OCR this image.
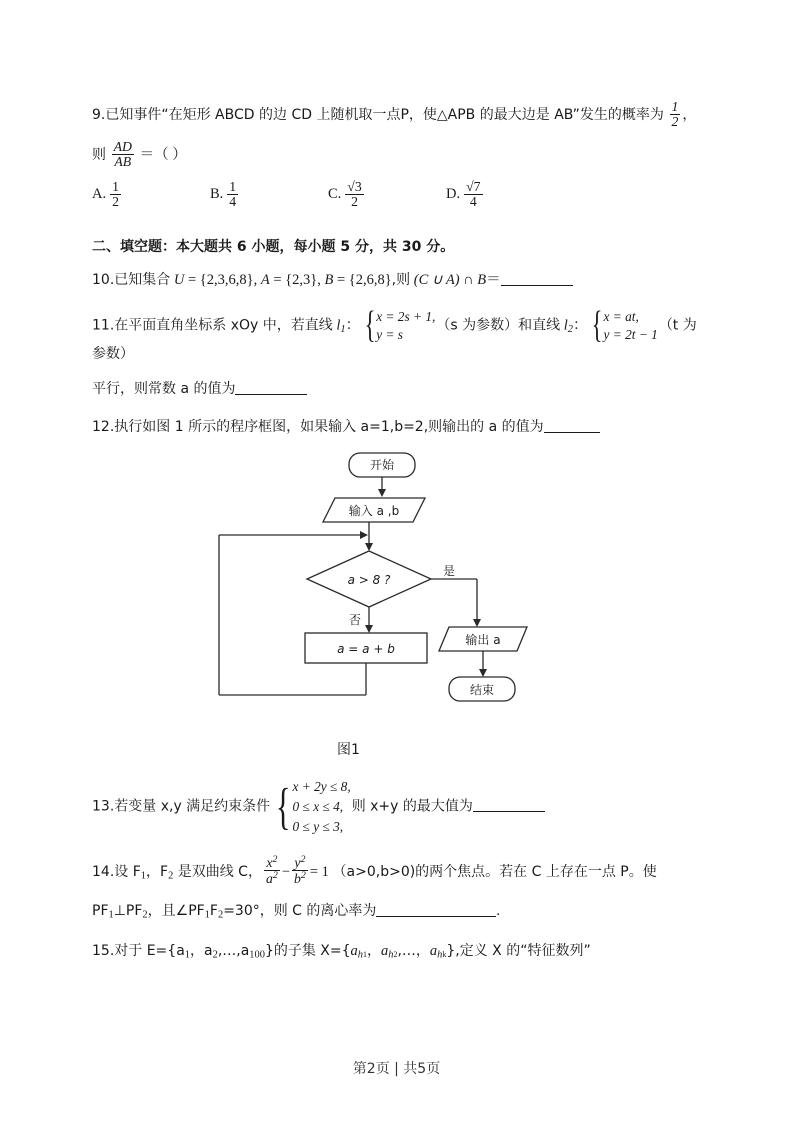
9.已知事件“在矩形 ABCD 的边 CD 上随机取一点P，使△APB 的最大边是 AB”发生的概率为 $\frac{1}{2}$ ，
则 $\frac{AD}{AB}$ ＝（ ）
A. $\frac{1}{2}$	B. $\frac{1}{4}$	C. $\frac{√3}{2}$	D. $\frac{√7}{4}$
二、填空题：本大题共 6 小题，每小题 5 分，共 30 分。
10.已知集合 U = {2,3,6,8}, A = {2,3}, B = {2,6,8},则 (C ∪ A) ∩ B＝
11.在平面直角坐标系 xOy 中，若直线 $l_1$： { x = 2s + 1,
y = s
（s 为参数）和直线 $l_2$： { x = at,
y = 2t − 1
（t 为参数）
平行，则常数 a 的值为
12.执行如图 1 所示的程序框图，如果输入 a=1,b=2,则输出的 a 的值为
开始
输入 a ,b
a > 8 ?
是
否
输出 a
结束
a = a + b
图1
13.若变量 x,y 满足约束条件 { x + 2y ≤ 8,
0 ≤ x ≤ 4,
0 ≤ y ≤ 3,
则 x+y 的最大值为
14.设 $F_1$，$F_2$ 是双曲线 C， $\frac{x^2}{a^2} - \frac{y^2}{b^2} = 1$ （a>0,b>0)的两个焦点。若在 C 上存在一点 P。使
$PF_1\perp PF_2$，且$\angle PF_1F_2=30^\circ$，则 C 的离心率为	.
15.对于 $E=\{a_1$，$a_2,\dots,a_{100}$}的子集 $X=\{a_{h1}$，$a_{h2},\dots$，$a_{hk}$},定义 X 的“特征数列”
第2页 | 共5页
